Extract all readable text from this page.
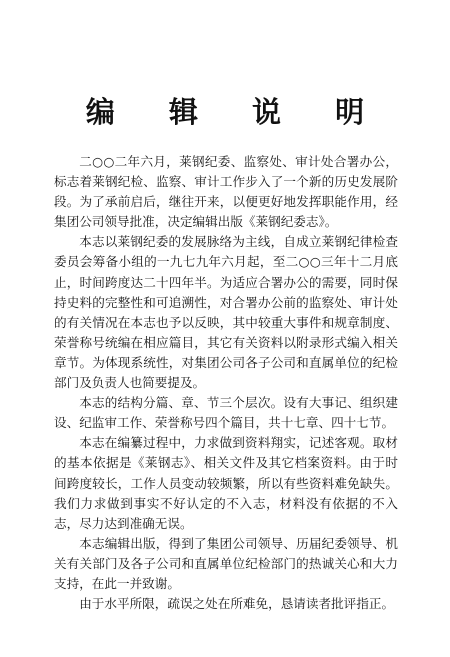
编 辑 说 明

二○○二年六月，莱钢纪委、监察处、审计处合署办公，标志着莱钢纪检、监察、审计工作步入了一个新的历史发展阶段。为了承前启后，继往开来，以便更好地发挥职能作用，经集团公司领导批准，决定编辑出版《莱钢纪委志》。

本志以莱钢纪委的发展脉络为主线，自成立莱钢纪律检查委员会筹备小组的一九七九年六月起，至二○○三年十二月底止，时间跨度达二十四年半。为适应合署办公的需要，同时保持史料的完整性和可追溯性，对合署办公前的监察处、审计处的有关情况在本志也予以反映，其中较重大事件和规章制度、荣誉称号统编在相应篇目，其它有关资料以附录形式编入相关章节。为体现系统性，对集团公司各子公司和直属单位的纪检部门及负责人也简要提及。

本志的结构分篇、章、节三个层次。设有大事记、组织建设、纪监审工作、荣誉称号四个篇目，共十七章、四十七节。

本志在编纂过程中，力求做到资料翔实，记述客观。取材的基本依据是《莱钢志》、相关文件及其它档案资料。由于时间跨度较长，工作人员变动较频繁，所以有些资料难免缺失。我们力求做到事实不好认定的不入志，材料没有依据的不入志，尽力达到准确无误。

本志编辑出版，得到了集团公司领导、历届纪委领导、机关有关部门及各子公司和直属单位纪检部门的热诚关心和大力支持，在此一并致谢。

由于水平所限，疏误之处在所难免，恳请读者批评指正。
